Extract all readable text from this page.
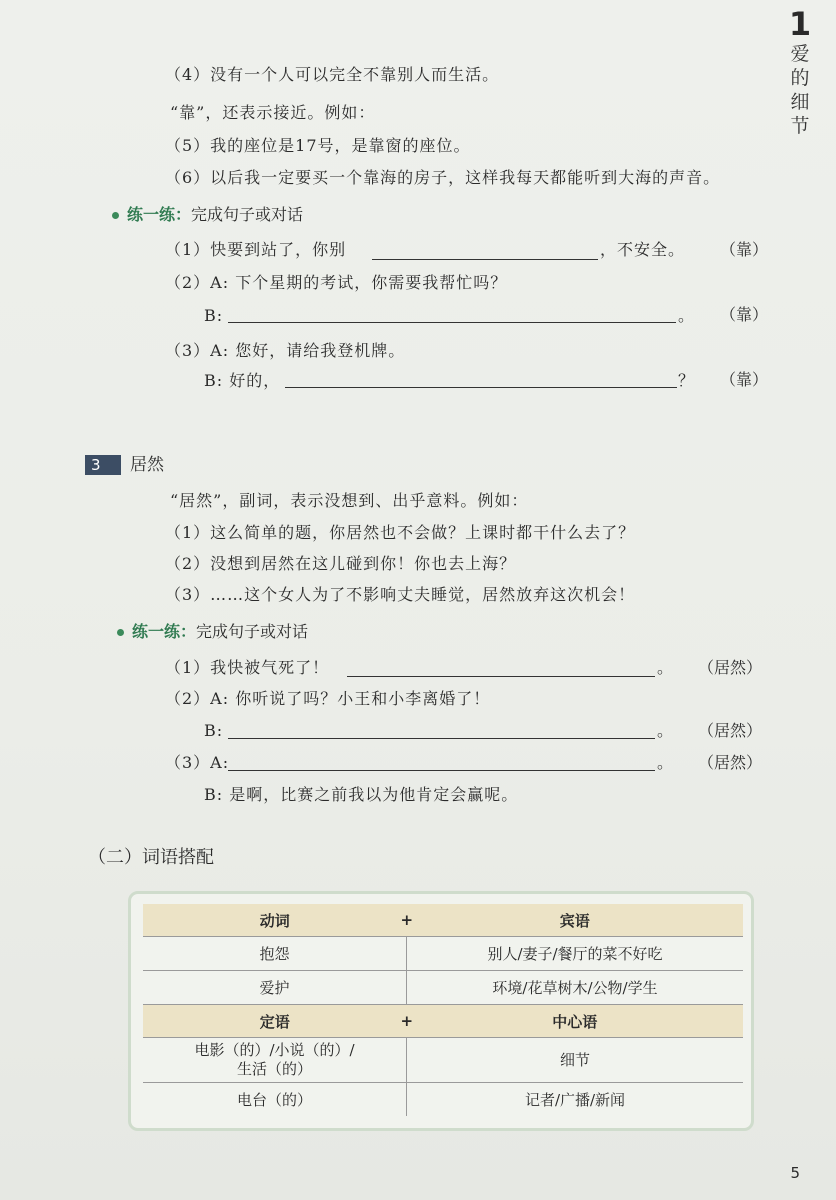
1
爱
的
细
节
（4）没有一个人可以完全不靠别人而生活。
“靠”，还表示接近。例如：
（5）我的座位是17号，是靠窗的座位。
（6）以后我一定要买一个靠海的房子，这样我每天都能听到大海的声音。
练一练：完成句子或对话
（1）快要到站了，你别	，不安全。 （靠）
（2）A: 下个星期的考试，你需要我帮忙吗？
B:	。 （靠）
（3）A: 您好，请给我登机牌。
B: 好的，	？ （靠）
3	居然
“居然”，副词，表示没想到、出乎意料。例如：
（1）这么简单的题，你居然也不会做？上课时都干什么去了？
（2）没想到居然在这儿碰到你！你也去上海？
（3）……这个女人为了不影响丈夫睡觉，居然放弃这次机会！
练一练：完成句子或对话
（1）我快被气死了！	。 （居然）
（2）A: 你听说了吗？小王和小李离婚了！
B:	。 （居然）
（3）A:	。 （居然）
B: 是啊，比赛之前我以为他肯定会赢呢。
（二）词语搭配
动词	+ 宾语
抱怨	别人/妻子/餐厅的菜不好吃
爱护	环境/花草树木/公物/学生
定语	+ 中心语

电影（的）/小说（的）/
生活（的）	细节
电台（的）	记者/广播/新闻
5
